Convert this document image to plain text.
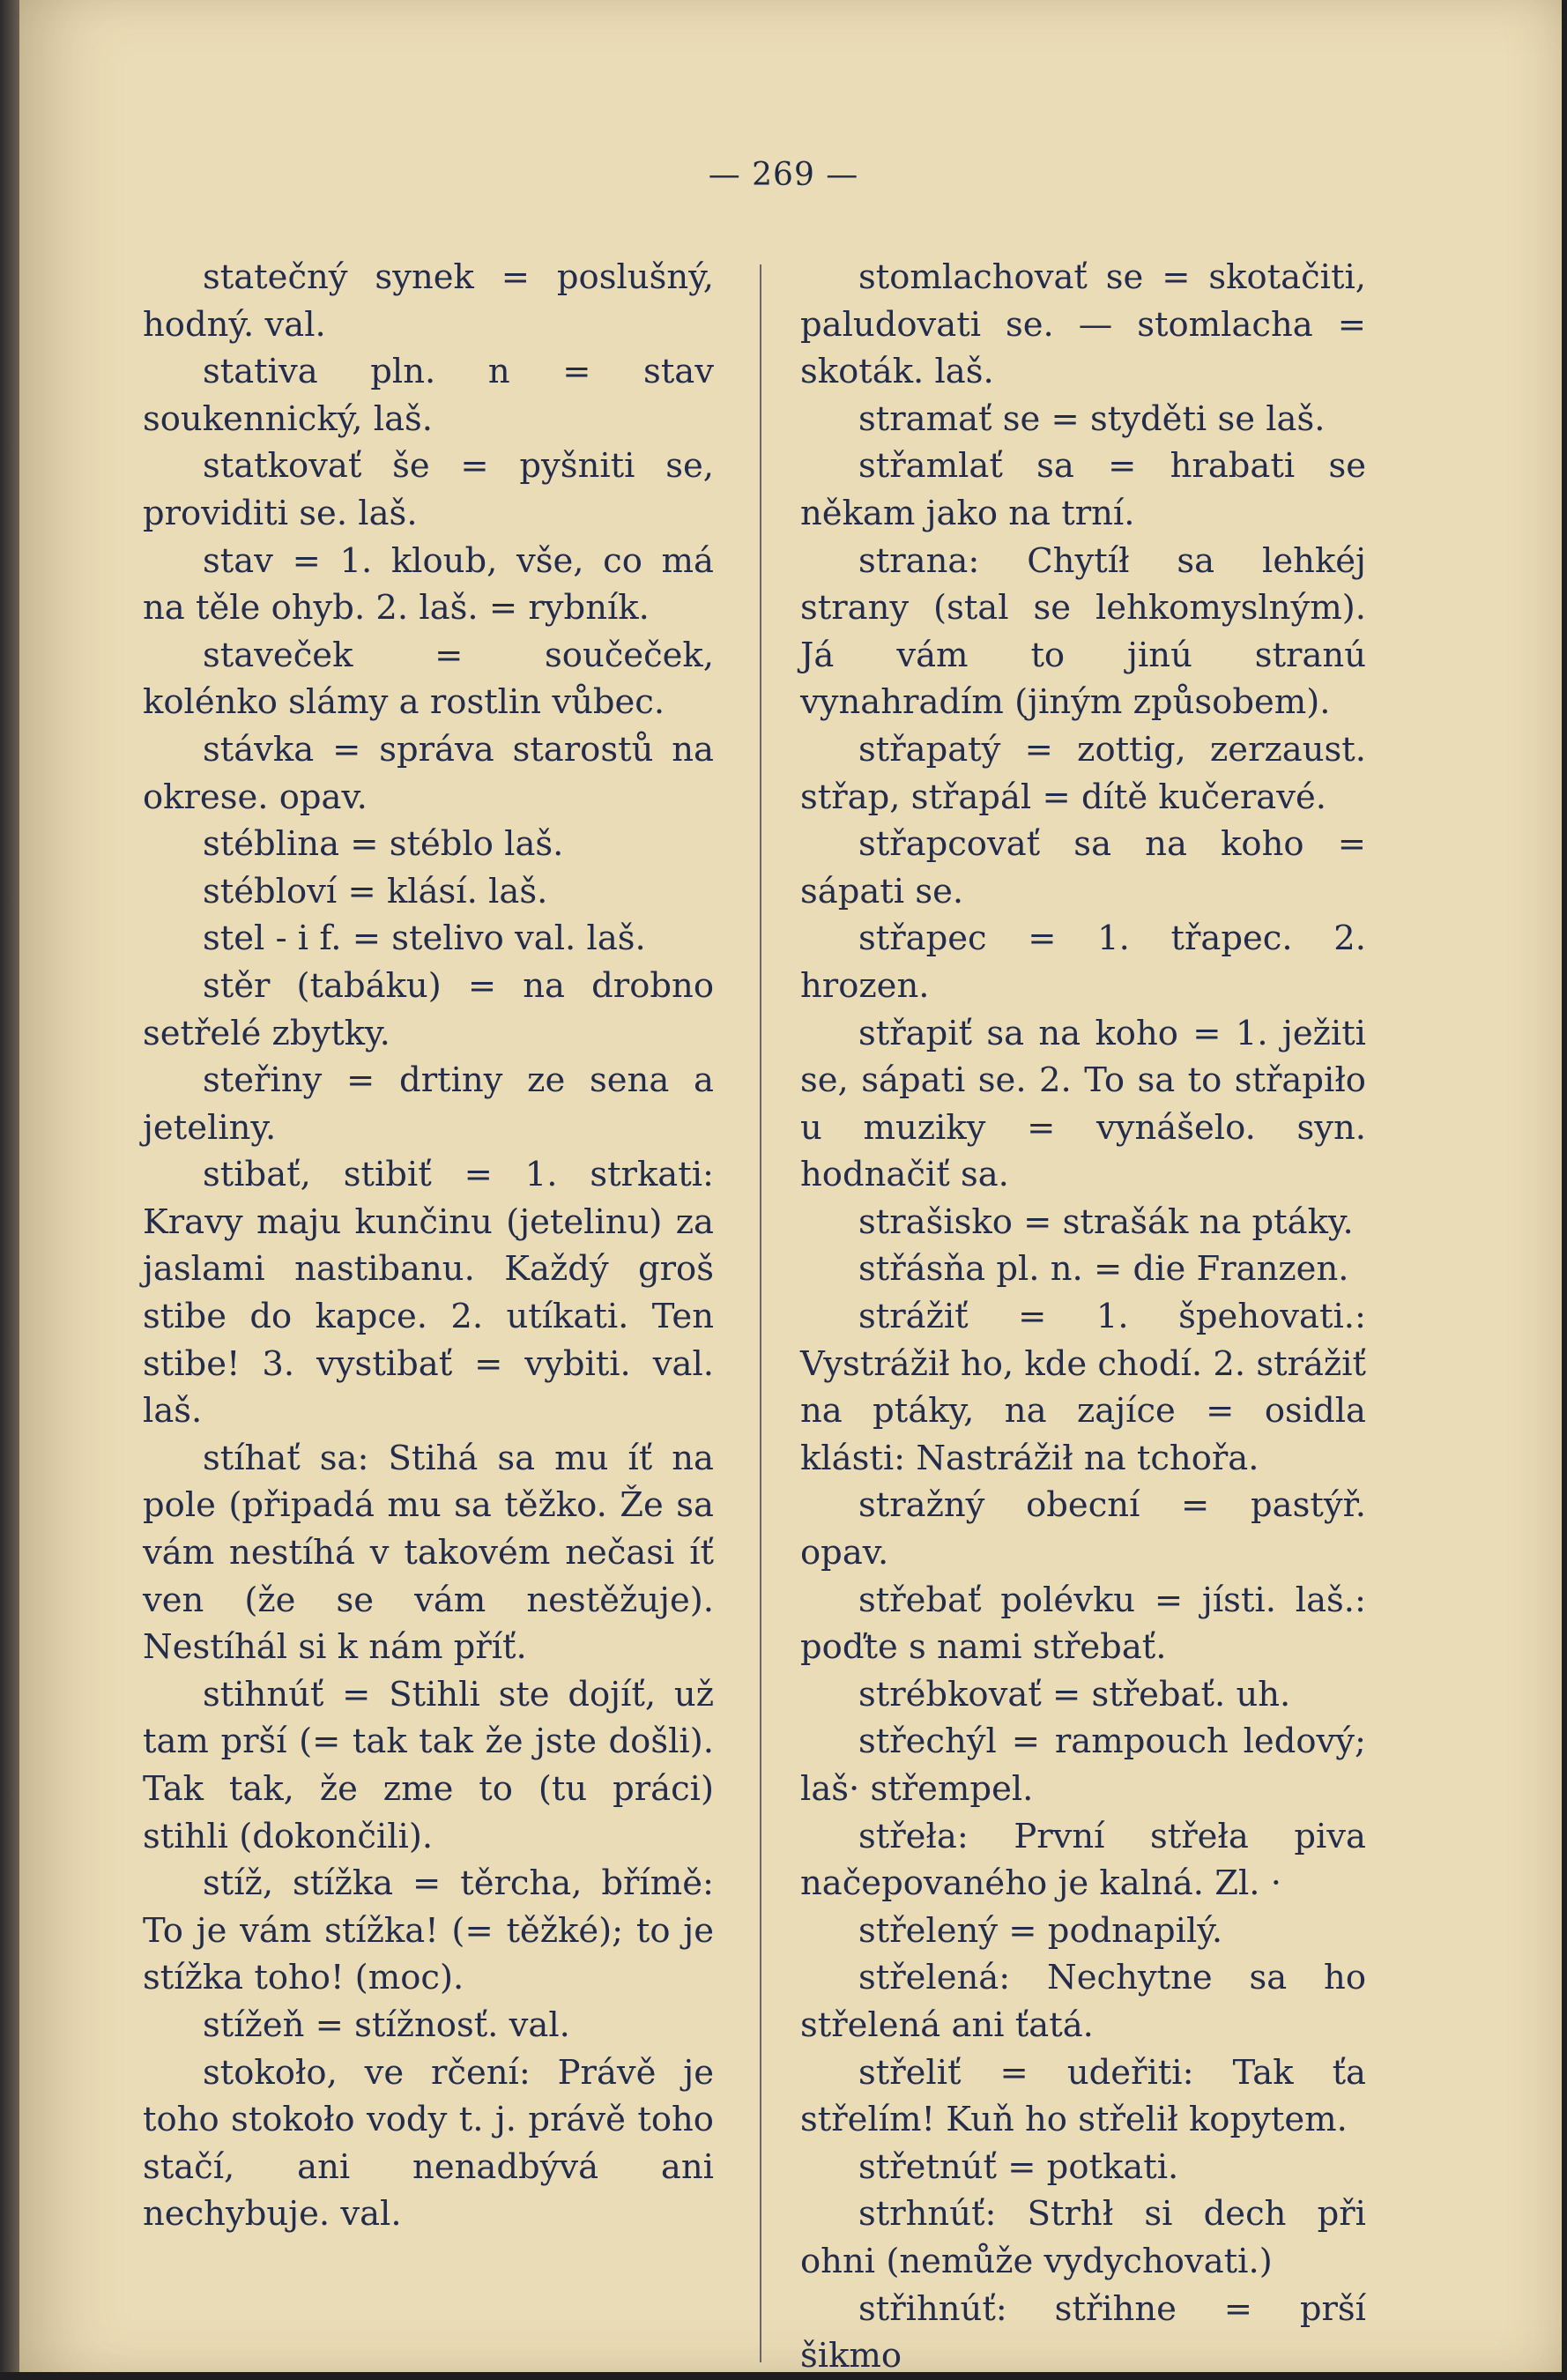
— 269 —

statečný synek = poslušný, hodný. val.

stativa pln. n = stav soukennický, laš.

statkovať še = pyšniti se, providiti se. laš.

stav = 1. kloub, vše, co má na těle ohyb. 2. laš. = rybník.

staveček = součeček, kolénko slámy a rostlin vůbec.

stávka = správa starostů na okrese. opav.

stéblina = stéblo laš.

stébloví = klásí. laš.

stel - i f. = stelivo val. laš.

stěr (tabáku) = na drobno setřelé zbytky.

steřiny = drtiny ze sena a jeteliny.

stibať, stibiť = 1. strkati: Kravy maju kunčinu (jetelinu) za jaslami nastibanu. Každý groš stibe do kapce. 2. utíkati. Ten stibe! 3. vystibať = vybiti. val. laš.

stíhať sa: Stihá sa mu íť na pole (připadá mu sa těžko. Že sa vám nestíhá v takovém nečasi íť ven (že se vám nestěžuje). Nestíhál si k nám příť.

stihnúť = Stihli ste dojíť, už tam prší (= tak tak že jste došli). Tak tak, že zme to (tu práci) stihli (dokončili).

stíž, stížka = těrcha, břímě: To je vám stížka! (= těžké); to je stížka toho! (moc).

stížeň = stížnosť. val.

stokoło, ve rčení: Právě je toho stokoło vody t. j. právě toho stačí, ani nenadbývá ani nechybuje. val.

stomlachovať se = skotačiti, paludovati se. — stomlacha = skoták. laš.

stramať se = styděti se laš.

střamlať sa = hrabati se někam jako na trní.

strana: Chytíł sa lehkéj strany (stal se lehkomyslným). Já vám to jinú stranú vynahradím (jiným způsobem).

střapatý = zottig, zerzaust. střap, střapál = dítě kučeravé.

střapcovať sa na koho = sápati se.

střapec = 1. třapec. 2. hrozen.

střapiť sa na koho = 1. ježiti se, sápati se. 2. To sa to střapiło u muziky = vynášelo. syn. hodnačiť sa.

strašisko = strašák na ptáky.

střásňa pl. n. = die Franzen.

strážiť = 1. špehovati.: Vystrážił ho, kde chodí. 2. strážiť na ptáky, na zajíce = osidla klásti: Nastrážił na tchořa.

stražný obecní = pastýř. opav.

střebať polévku = jísti. laš.: poďte s nami střebať.

strébkovať = střebať. uh.

střechýl = rampouch ledový; laš· střempel.

střeła: První střeła piva načepovaného je kalná. Zl. ·

střelený = podnapilý.

střelená: Nechytne sa ho střelená ani ťatá.

střeliť = udeřiti: Tak ťa střelím! Kuň ho střelił kopytem.

střetnúť = potkati.

strhnúť: Strhł si dech při ohni (nemůže vydychovati.)

střihnúť: střihne = prší šikmo
